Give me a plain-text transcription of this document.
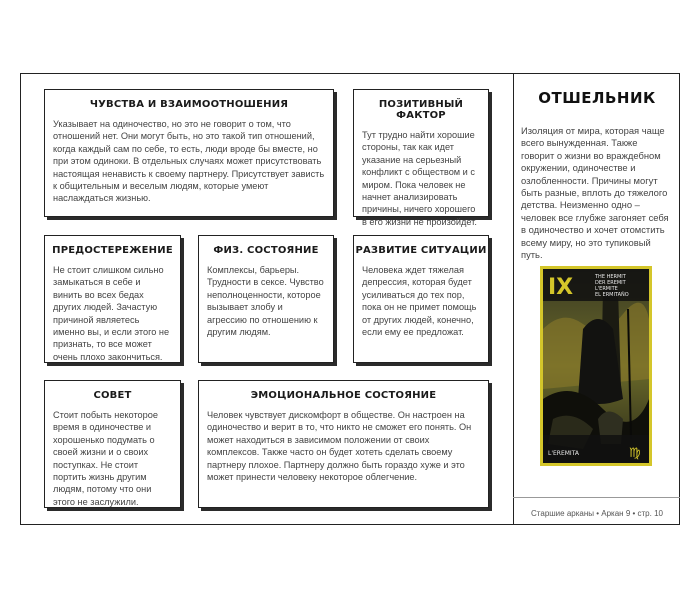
ЧУВСТВА И ВЗАИМООТНОШЕНИЯ
Указывает на одиночество, но это не говорит о том, что отношений нет. Они могут быть, но это такой тип отношений, когда каждый сам по себе, то есть, люди вроде бы вместе, но при этом одиноки. В отдельных случаях может присутствовать настоящая ненависть к своему партнеру. Присутствует зависть к общительным и веселым людям, которые умеют наслаждаться жизнью.
ПОЗИТИВНЫЙ ФАКТОР
Тут трудно найти хорошие стороны, так как идет указание на серьезный конфликт с обществом и с миром. Пока человек не начнет анализировать причины, ничего хорошего в его жизни не произойдет.
ПРЕДОСТЕРЕЖЕНИЕ
Не стоит слишком сильно замыкаться в себе и винить во всех бедах других людей. Зачастую причиной являетесь именно вы, и если этого не признать, то все может очень плохо закончиться.
ФИЗ. СОСТОЯНИЕ
Комплексы, барьеры. Трудности в сексе. Чувство неполноценности, которое вызывает злобу и агрессию по отношению к другим людям.
РАЗВИТИЕ СИТУАЦИИ
Человека ждет тяжелая депрессия, которая будет усиливаться до тех пор, пока он не примет помощь от других людей, конечно, если ему ее предложат.
СОВЕТ
Стоит побыть некоторое время в одиночестве и хорошенько подумать о своей жизни и о своих поступках. Не стоит портить жизнь другим людям, потому что они этого не заслужили.
ЭМОЦИОНАЛЬНОЕ СОСТОЯНИЕ
Человек чувствует дискомфорт в обществе. Он настроен на одиночество и верит в то, что никто не сможет его понять. Он может находиться в зависимом положении от своих комплексов. Также часто он будет хотеть сделать своему партнеру плохое. Партнеру должно быть гораздо хуже и это может принести человеку некоторое облегчение.
ОТШЕЛЬНИК
Изоляция от мира, которая чаще всего вынужденная. Также говорит о жизни во враждебном окружении, одиночестве и озлобленности. Причины могут быть разные, вплоть до тяжелого детства. Неизменно одно – человек все глубже загоняет себя в одиночество и хочет отомстить всему миру, но это тупиковый путь.
IX	THE HERMIT
DER EREMIT
L'ERMITE
EL ERMITAÑO
L'EREMITA	♍
Старшие арканы • Аркан 9 • стр. 10
